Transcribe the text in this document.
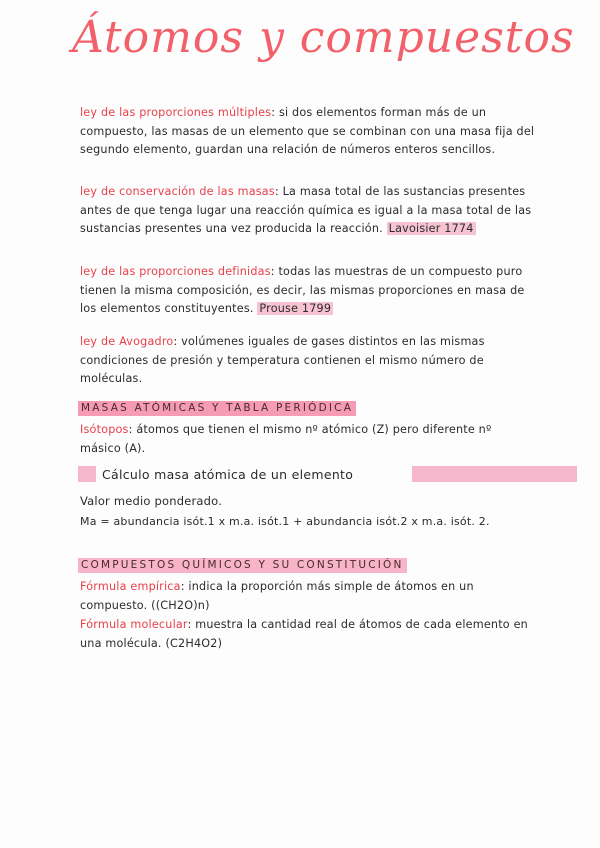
Átomos y compuestos
ley de las proporciones múltiples: si dos elementos forman más de un compuesto, las masas de un elemento que se combinan con una masa fija del segundo elemento, guardan una relación de números enteros sencillos.
ley de conservación de las masas: La masa total de las sustancias presentes antes de que tenga lugar una reacción química es igual a la masa total de las sustancias presentes una vez producida la reacción. Lavoisier 1774
ley de las proporciones definidas: todas las muestras de un compuesto puro tienen la misma composición, es decir, las mismas proporciones en masa de los elementos constituyentes. Prouse 1799
ley de Avogadro: volúmenes iguales de gases distintos en las mismas condiciones de presión y temperatura contienen el mismo número de moléculas.
MASAS ATÓMICAS Y TABLA PERIÓDICA
Isótopos: átomos que tienen el mismo nº atómico (Z) pero diferente nº másico (A).
Cálculo masa atómica de un elemento
Valor medio ponderado.
Ma = abundancia isót.1 x m.a. isót.1 + abundancia isót.2 x m.a. isót. 2.
COMPUESTOS QUÍMICOS Y SU CONSTITUCIÓN
Fórmula empírica: indica la proporción más simple de átomos en un compuesto. ((CH2O)n)
Fórmula molecular: muestra la cantidad real de átomos de cada elemento en una molécula. (C2H4O2)
